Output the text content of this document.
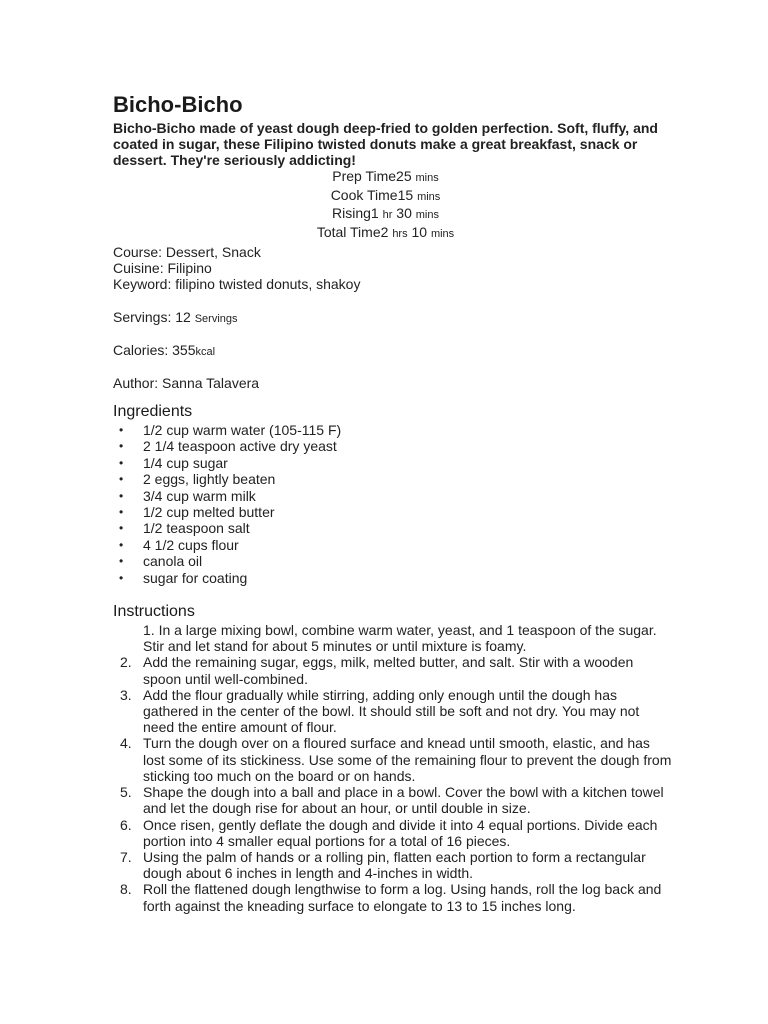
Bicho-Bicho

Bicho-Bicho made of yeast dough deep-fried to golden perfection. Soft, fluffy, and coated in sugar, these Filipino twisted donuts make a great breakfast, snack or dessert. They're seriously addicting!

Prep Time25 mins
Cook Time15 mins
Rising1 hr 30 mins
Total Time2 hrs 10 mins
Course: Dessert, Snack
Cuisine: Filipino
Keyword: filipino twisted donuts, shakoy
Servings: 12 Servings
Calories: 355kcal
Author: Sanna Talavera
Ingredients
• 1/2 cup warm water (105-115 F)
• 2 1/4 teaspoon active dry yeast
• 1/4 cup sugar
• 2 eggs, lightly beaten
• 3/4 cup warm milk
• 1/2 cup melted butter
• 1/2 teaspoon salt
• 4 1/2 cups flour
• canola oil
• sugar for coating
Instructions
1. In a large mixing bowl, combine warm water, yeast, and 1 teaspoon of the sugar. Stir and let stand for about 5 minutes or until mixture is foamy.
2. Add the remaining sugar, eggs, milk, melted butter, and salt. Stir with a wooden spoon until well-combined.
3. Add the flour gradually while stirring, adding only enough until the dough has gathered in the center of the bowl. It should still be soft and not dry. You may not need the entire amount of flour.
4. Turn the dough over on a floured surface and knead until smooth, elastic, and has lost some of its stickiness. Use some of the remaining flour to prevent the dough from sticking too much on the board or on hands.
5. Shape the dough into a ball and place in a bowl. Cover the bowl with a kitchen towel and let the dough rise for about an hour, or until double in size.
6. Once risen, gently deflate the dough and divide it into 4 equal portions. Divide each portion into 4 smaller equal portions for a total of 16 pieces.
7. Using the palm of hands or a rolling pin, flatten each portion to form a rectangular dough about 6 inches in length and 4-inches in width.
8. Roll the flattened dough lengthwise to form a log. Using hands, roll the log back and forth against the kneading surface to elongate to 13 to 15 inches long.
